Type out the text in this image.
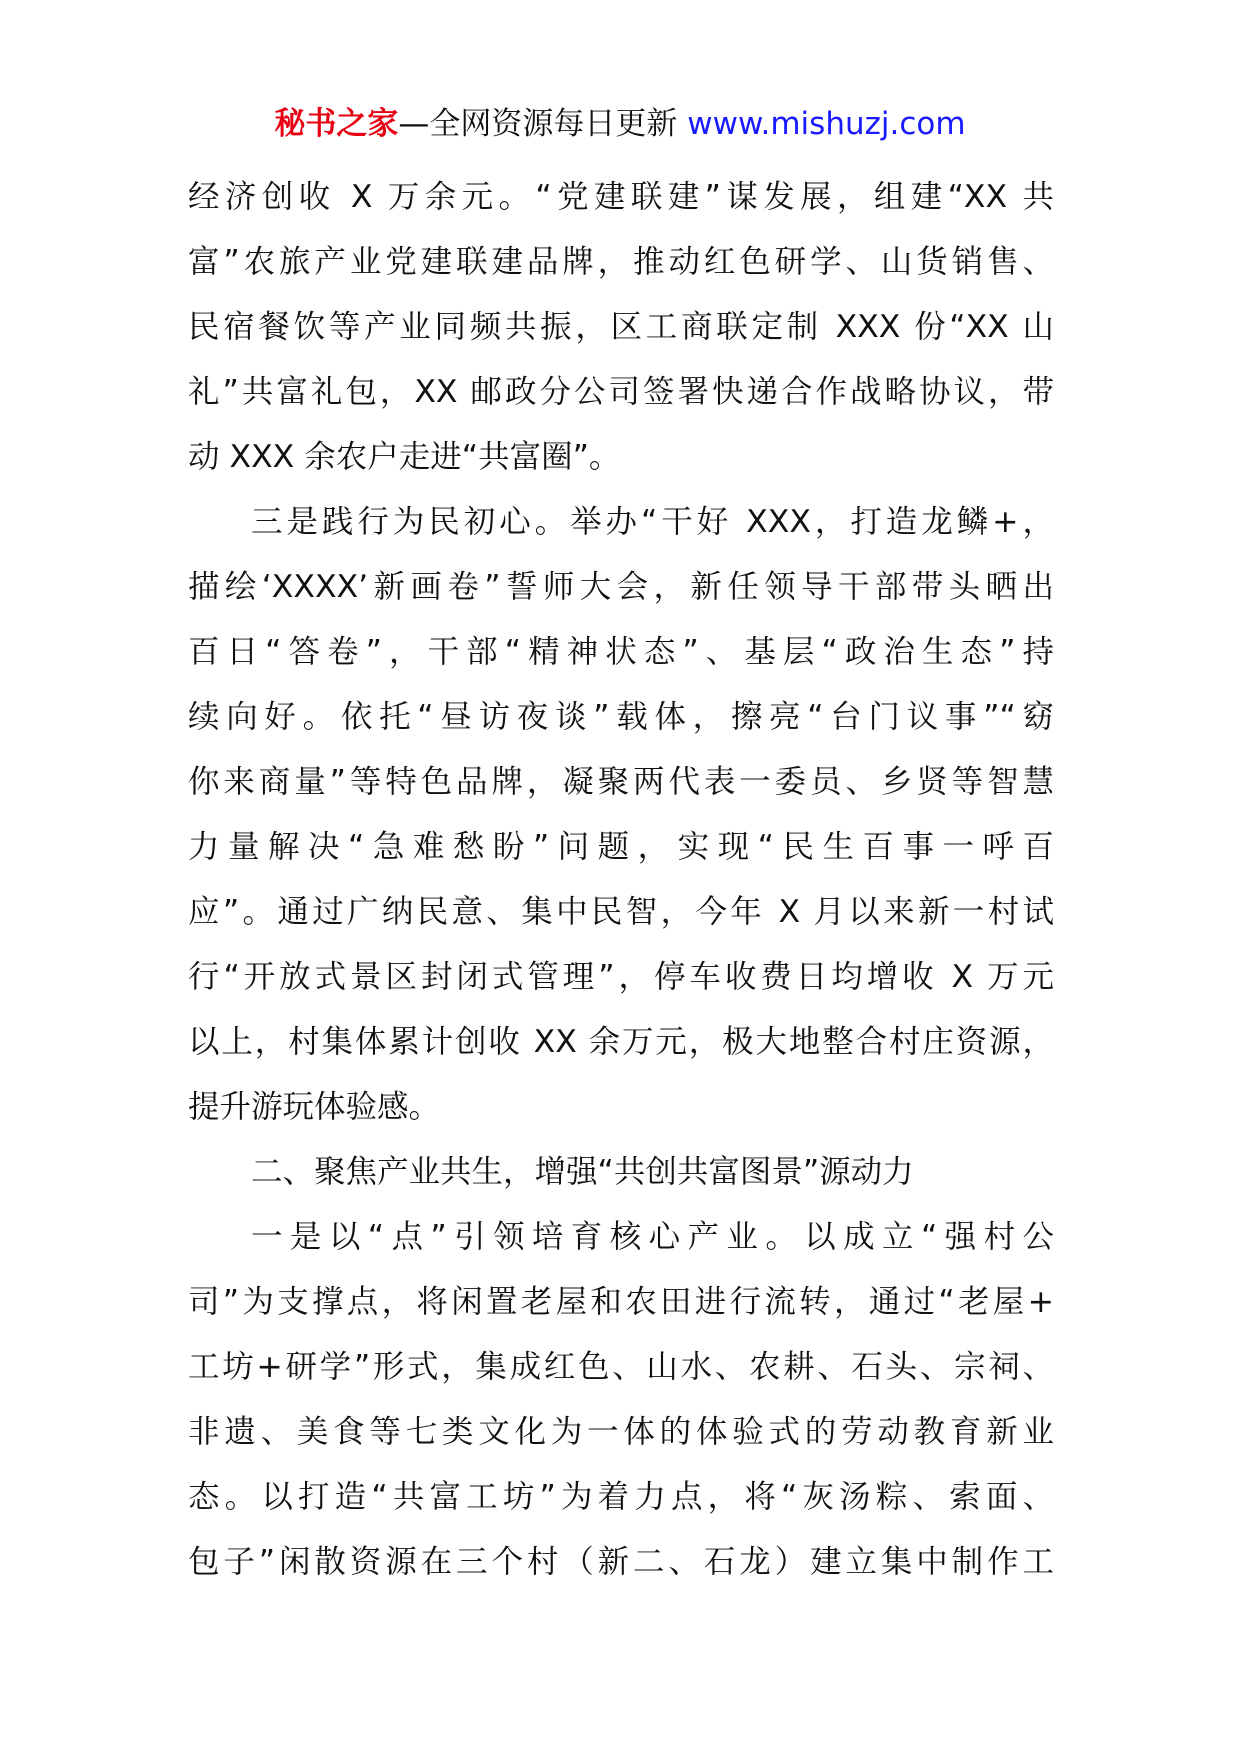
秘书之家—全网资源每日更新 www.mishuzj.com
经济创收 X 万余元。“党建联建”谋发展，组建“XX 共
富”农旅产业党建联建品牌，推动红色研学、山货销售、
民宿餐饮等产业同频共振，区工商联定制 XXX 份“XX 山
礼”共富礼包，XX 邮政分公司签署快递合作战略协议，带
动 XXX 余农户走进“共富圈”。
三是践行为民初心。举办“干好 XXX，打造龙鳞+，
描绘‘XXXX’新画卷”誓师大会，新任领导干部带头晒出
百日“答卷”，干部“精神状态”、基层“政治生态”持
续向好。依托“昼访夜谈”载体，擦亮“台门议事”“窈
你来商量”等特色品牌，凝聚两代表一委员、乡贤等智慧
力量解决“急难愁盼”问题，实现“民生百事一呼百
应”。通过广纳民意、集中民智，今年 X 月以来新一村试
行“开放式景区封闭式管理”，停车收费日均增收 X 万元
以上，村集体累计创收 XX 余万元，极大地整合村庄资源，
提升游玩体验感。
二、聚焦产业共生，增强“共创共富图景”源动力
一是以“点”引领培育核心产业。以成立“强村公
司”为支撑点，将闲置老屋和农田进行流转，通过“老屋+
工坊+研学”形式，集成红色、山水、农耕、石头、宗祠、
非遗、美食等七类文化为一体的体验式的劳动教育新业
态。以打造“共富工坊”为着力点，将“灰汤粽、索面、
包子”闲散资源在三个村（新二、石龙）建立集中制作工
